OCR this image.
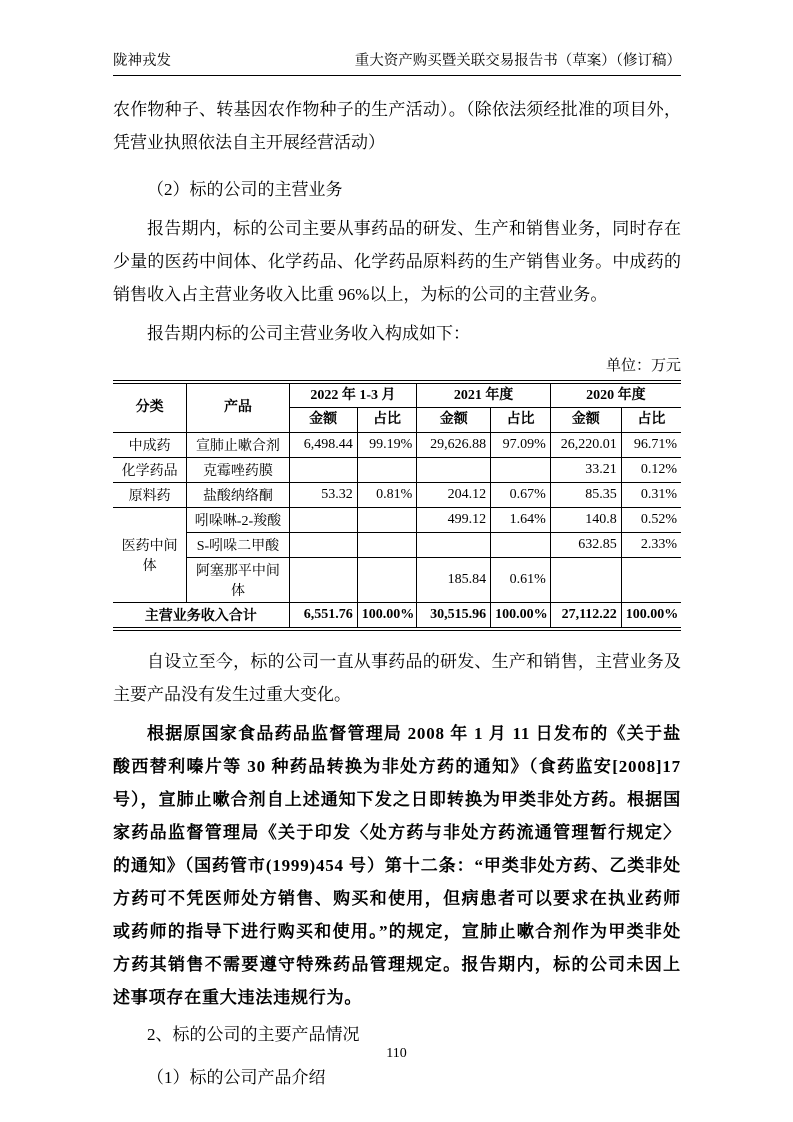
陇神戎发	重大资产购买暨关联交易报告书（草案）（修订稿）

农作物种子、转基因农作物种子的生产活动）。（除依法须经批准的项目外，凭营业执照依法自主开展经营活动）

（2）标的公司的主营业务

报告期内，标的公司主要从事药品的研发、生产和销售业务，同时存在少量的医药中间体、化学药品、化学药品原料药的生产销售业务。中成药的销售收入占主营业务收入比重 96%以上，为标的公司的主营业务。

报告期内标的公司主营业务收入构成如下：

单位：万元
分类	产品	2022 年 1-3 月		2021 年度		2020 年度	
		金额	占比	金额	占比	金额	占比
中成药	宣肺止嗽合剂	6,498.44	99.19%	29,626.88	97.09%	26,220.01	96.71%
化学药品	克霉唑药膜					33.21	0.12%
原料药	盐酸纳络酮	53.32	0.81%	204.12	0.67%	85.35	0.31%
医药中间体	吲哚啉-2-羧酸			499.12	1.64%	140.8	0.52%
	S-吲哚二甲酸					632.85	2.33%
	阿塞那平中间体			185.84	0.61%		
主营业务收入合计		6,551.76	100.00%	30,515.96	100.00%	27,112.22	100.00%

自设立至今，标的公司一直从事药品的研发、生产和销售，主营业务及主要产品没有发生过重大变化。

根据原国家食品药品监督管理局 2008 年 1 月 11 日发布的《关于盐酸西替利嗪片等 30 种药品转换为非处方药的通知》（食药监安[2008]17 号），宣肺止嗽合剂自上述通知下发之日即转换为甲类非处方药。根据国家药品监督管理局《关于印发〈处方药与非处方药流通管理暂行规定〉的通知》（国药管市(1999)454 号）第十二条：“甲类非处方药、乙类非处方药可不凭医师处方销售、购买和使用，但病患者可以要求在执业药师或药师的指导下进行购买和使用。”的规定，宣肺止嗽合剂作为甲类非处方药其销售不需要遵守特殊药品管理规定。报告期内，标的公司未因上述事项存在重大违法违规行为。

2、标的公司的主要产品情况

（1）标的公司产品介绍

110
